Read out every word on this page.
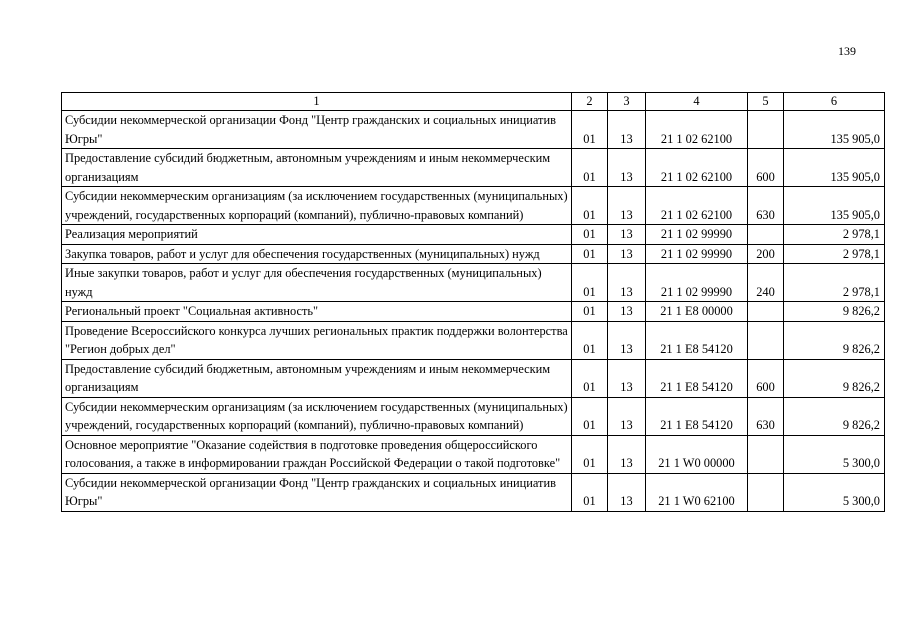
139
1	2	3	4	5	6
Субсидии некоммерческой организации Фонд "Центр гражданских и социальных инициатив Югры"	01	13	21 1 02 62100		135 905,0
Предоставление субсидий бюджетным, автономным учреждениям и иным некоммерческим организациям	01	13	21 1 02 62100	600	135 905,0
Субсидии некоммерческим организациям (за исключением государственных (муниципальных) учреждений, государственных корпораций (компаний), публично-правовых компаний)	01	13	21 1 02 62100	630	135 905,0
Реализация мероприятий	01	13	21 1 02 99990		2 978,1
Закупка товаров, работ и услуг для обеспечения государственных (муниципальных) нужд	01	13	21 1 02 99990	200	2 978,1
Иные закупки товаров, работ и услуг для обеспечения государственных (муниципальных) нужд	01	13	21 1 02 99990	240	2 978,1
Региональный проект "Социальная активность"	01	13	21 1 E8 00000		9 826,2
Проведение Всероссийского конкурса лучших региональных практик поддержки волонтерства "Регион добрых дел"	01	13	21 1 E8 54120		9 826,2
Предоставление субсидий бюджетным, автономным учреждениям и иным некоммерческим организациям	01	13	21 1 E8 54120	600	9 826,2
Субсидии некоммерческим организациям (за исключением государственных (муниципальных) учреждений, государственных корпораций (компаний), публично-правовых компаний)	01	13	21 1 E8 54120	630	9 826,2
Основное мероприятие "Оказание содействия в подготовке проведения общероссийского голосования, а также в информировании граждан Российской Федерации о такой подготовке"	01	13	21 1 W0 00000		5 300,0
Субсидии некоммерческой организации Фонд "Центр гражданских и социальных инициатив Югры"	01	13	21 1 W0 62100		5 300,0
